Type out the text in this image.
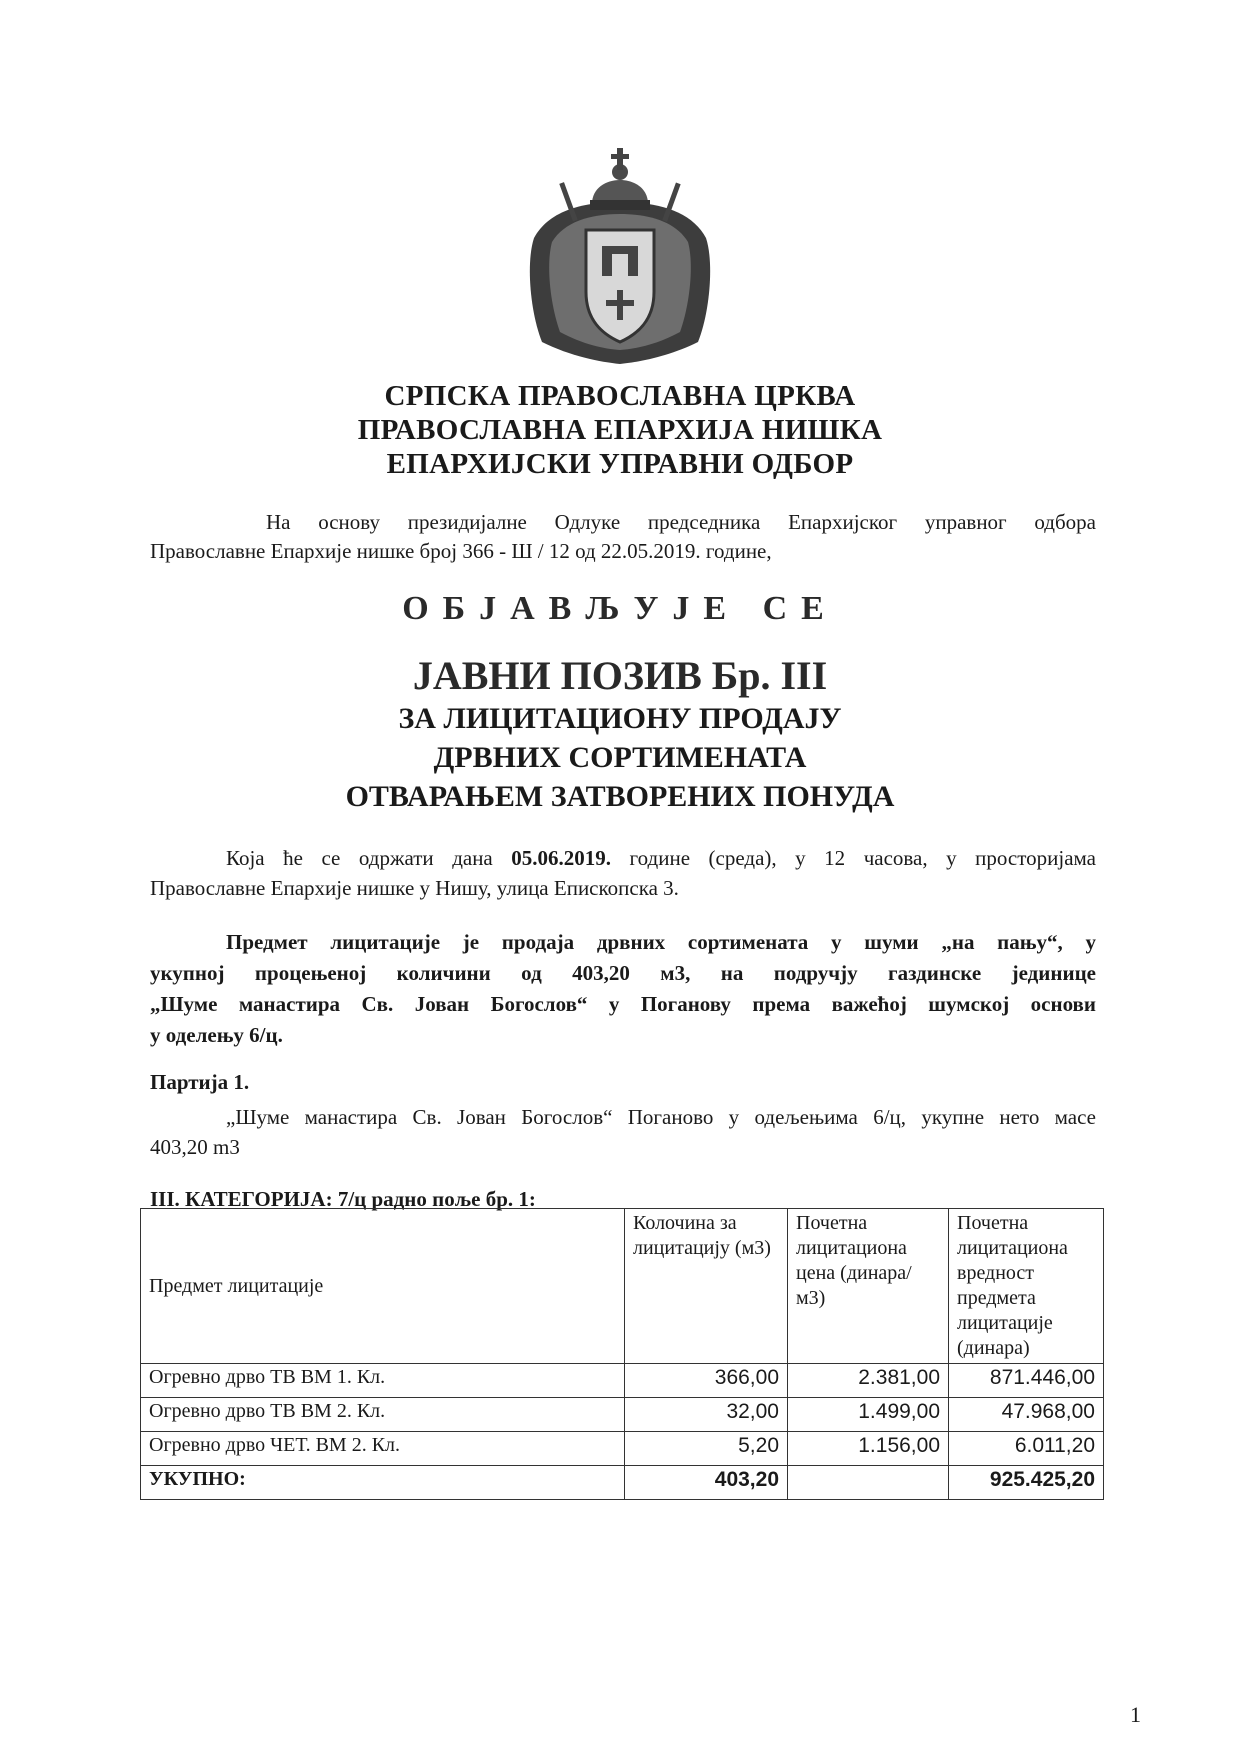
СРПСКА ПРАВОСЛАВНА ЦРКВА
ПРАВОСЛАВНА ЕПАРХИЈА НИШКА
ЕПАРХИЈСКИ УПРАВНИ ОДБОР
На основу президијалне Одлуке председника Епархијског управног одбора
Православне Епархије нишке број 366 - Ш / 12 од 22.05.2019. године,
ОБЈАВЉУЈЕ СЕ
ЈАВНИ ПОЗИВ Бр. III
ЗА ЛИЦИТАЦИОНУ ПРОДАЈУ
ДРВНИХ СОРТИМЕНАТА
ОТВАРАЊЕМ ЗАТВОРЕНИХ ПОНУДА
Која ће се одржати дана 05.06.2019. године (среда), у 12 часова, у просторијама
Православне Епархије нишке у Нишу, улица Епископска 3.
Предмет лицитације је продаја дрвних сортимената у шуми „на пању“, у
укупној процењеној количини од 403,20 м3, на подручју газдинске јединице
„Шуме манастира Св. Јован Богослов“ у Поганову према важећој шумској основи
у оделењу 6/ц.
Партија 1.
„Шуме манастира Св. Јован Богослов“ Поганово у одељењима 6/ц, укупне нето масе
403,20 m3
III. КАТЕГОРИЈА: 7/ц радно поље бр. 1:
Предмет лицитације	Колочина за лицитацију (м3)	Почетна лицитациона цена (динара/м3)	Почетна лицитациона вредност предмета лицитације (динара)
Огревно дрво ТВ ВМ 1. Кл.	366,00	2.381,00	871.446,00
Огревно дрво ТВ ВМ 2. Кл.	32,00	1.499,00	47.968,00
Огревно дрво ЧЕТ. ВМ 2. Кл.	5,20	1.156,00	6.011,20
УКУПНО:	403,20		925.425,20
1
